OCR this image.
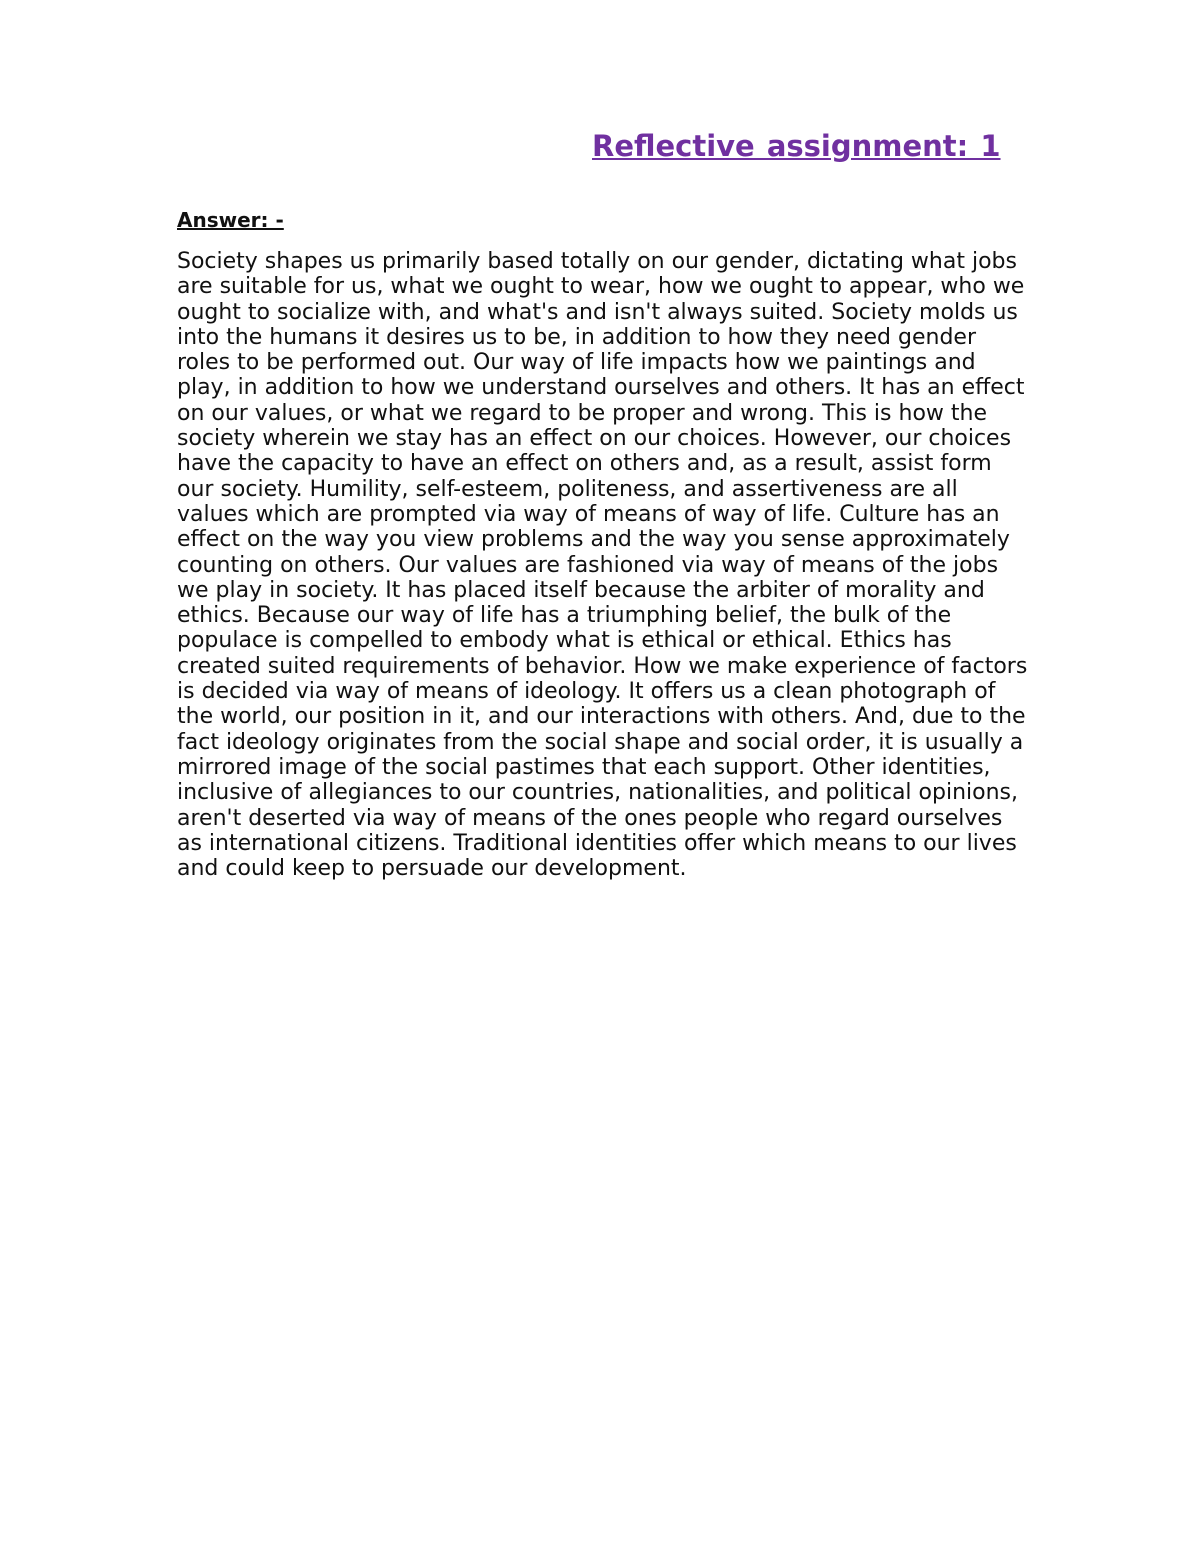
Reflective assignment: 1

Answer: -

Society shapes us primarily based totally on our gender, dictating what jobs are suitable for us, what we ought to wear, how we ought to appear, who we ought to socialize with, and what's and isn't always suited. Society molds us into the humans it desires us to be, in addition to how they need gender roles to be performed out. Our way of life impacts how we paintings and play, in addition to how we understand ourselves and others. It has an effect on our values, or what we regard to be proper and wrong. This is how the society wherein we stay has an effect on our choices. However, our choices have the capacity to have an effect on others and, as a result, assist form our society. Humility, self-esteem, politeness, and assertiveness are all values which are prompted via way of means of way of life. Culture has an effect on the way you view problems and the way you sense approximately counting on others. Our values are fashioned via way of means of the jobs we play in society. It has placed itself because the arbiter of morality and ethics. Because our way of life has a triumphing belief, the bulk of the populace is compelled to embody what is ethical or ethical. Ethics has created suited requirements of behavior. How we make experience of factors is decided via way of means of ideology. It offers us a clean photograph of the world, our position in it, and our interactions with others. And, due to the fact ideology originates from the social shape and social order, it is usually a mirrored image of the social pastimes that each support. Other identities, inclusive of allegiances to our countries, nationalities, and political opinions, aren't deserted via way of means of the ones people who regard ourselves as international citizens. Traditional identities offer which means to our lives and could keep to persuade our development.
